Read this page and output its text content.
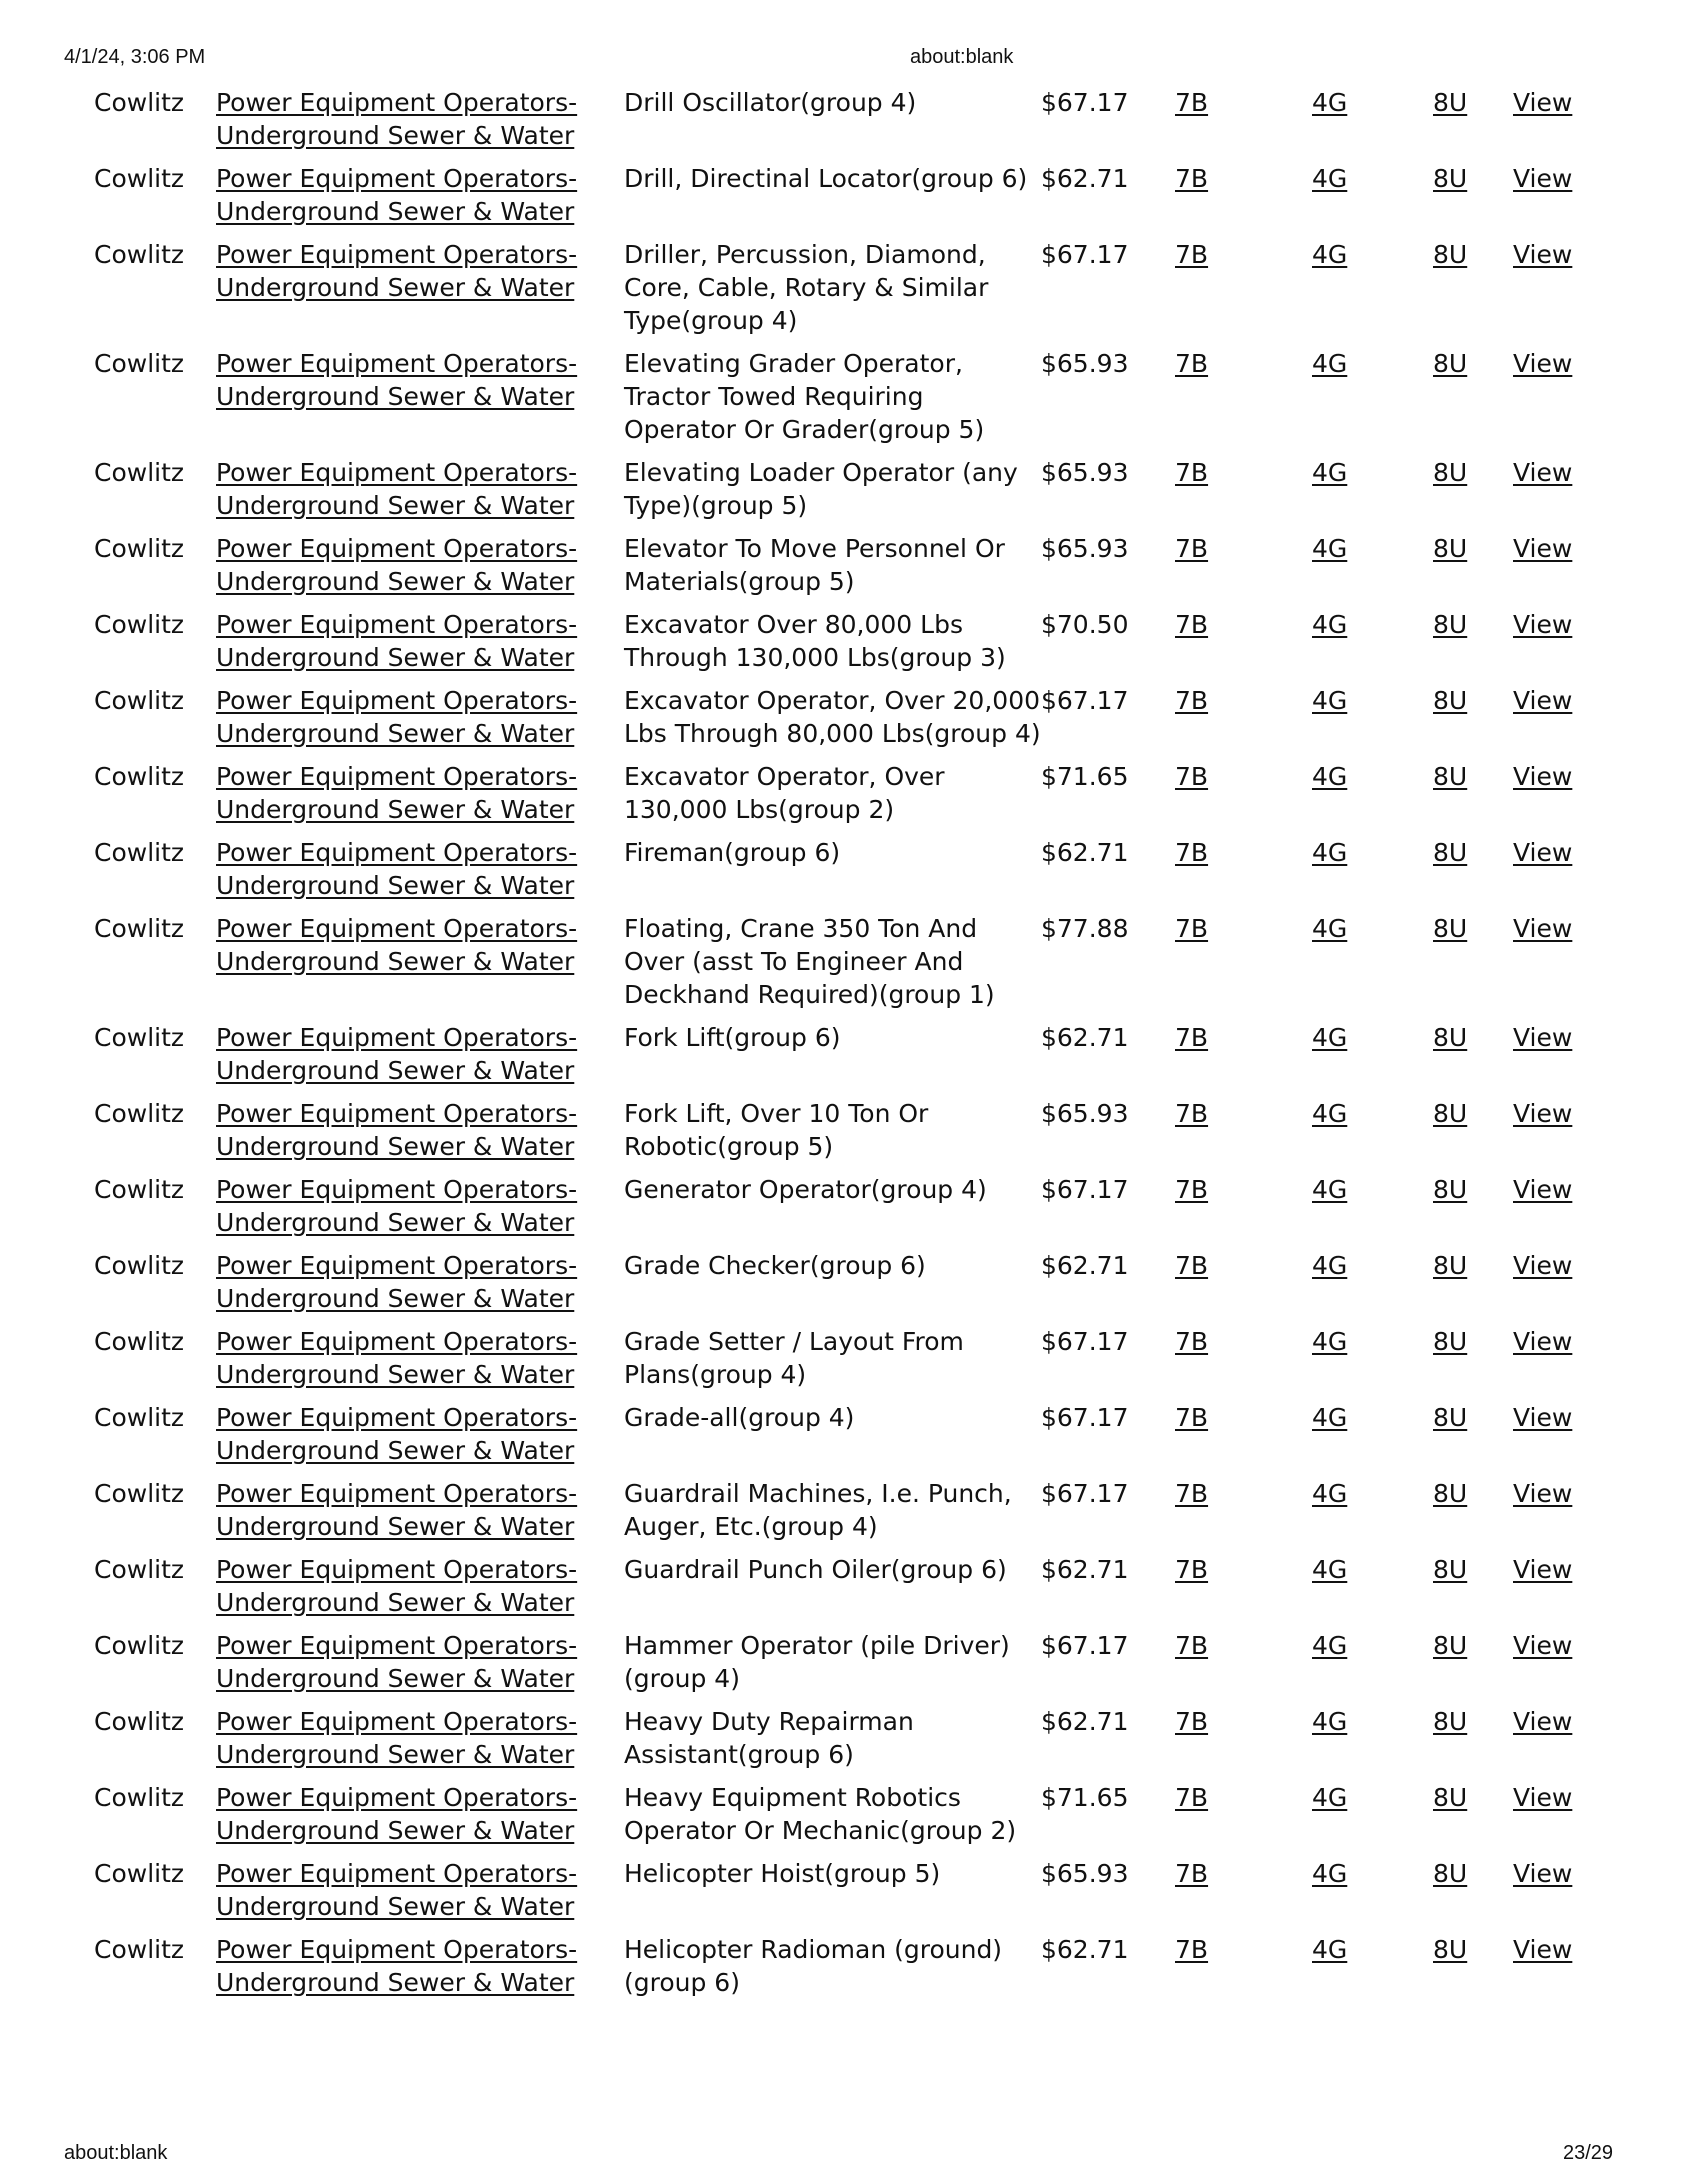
4/1/24, 3:06 PM	about:blank
Cowlitz	Power Equipment Operators-Underground Sewer & Water	Drill Oscillator(group 4)	$67.17	7B	4G	8U	View
Cowlitz	Power Equipment Operators-Underground Sewer & Water	Drill, Directinal Locator(group 6)	$62.71	7B	4G	8U	View
Cowlitz	Power Equipment Operators-Underground Sewer & Water	Driller, Percussion, Diamond, Core, Cable, Rotary & Similar Type(group 4)	$67.17	7B	4G	8U	View
Cowlitz	Power Equipment Operators-Underground Sewer & Water	Elevating Grader Operator, Tractor Towed Requiring Operator Or Grader(group 5)	$65.93	7B	4G	8U	View
Cowlitz	Power Equipment Operators-Underground Sewer & Water	Elevating Loader Operator (any Type)(group 5)	$65.93	7B	4G	8U	View
Cowlitz	Power Equipment Operators-Underground Sewer & Water	Elevator To Move Personnel Or Materials(group 5)	$65.93	7B	4G	8U	View
Cowlitz	Power Equipment Operators-Underground Sewer & Water	Excavator Over 80,000 Lbs Through 130,000 Lbs(group 3)	$70.50	7B	4G	8U	View
Cowlitz	Power Equipment Operators-Underground Sewer & Water	Excavator Operator, Over 20,000 Lbs Through 80,000 Lbs(group 4)	$67.17	7B	4G	8U	View
Cowlitz	Power Equipment Operators-Underground Sewer & Water	Excavator Operator, Over 130,000 Lbs(group 2)	$71.65	7B	4G	8U	View
Cowlitz	Power Equipment Operators-Underground Sewer & Water	Fireman(group 6)	$62.71	7B	4G	8U	View
Cowlitz	Power Equipment Operators-Underground Sewer & Water	Floating, Crane 350 Ton And Over (asst To Engineer And Deckhand Required)(group 1)	$77.88	7B	4G	8U	View
Cowlitz	Power Equipment Operators-Underground Sewer & Water	Fork Lift(group 6)	$62.71	7B	4G	8U	View
Cowlitz	Power Equipment Operators-Underground Sewer & Water	Fork Lift, Over 10 Ton Or Robotic(group 5)	$65.93	7B	4G	8U	View
Cowlitz	Power Equipment Operators-Underground Sewer & Water	Generator Operator(group 4)	$67.17	7B	4G	8U	View
Cowlitz	Power Equipment Operators-Underground Sewer & Water	Grade Checker(group 6)	$62.71	7B	4G	8U	View
Cowlitz	Power Equipment Operators-Underground Sewer & Water	Grade Setter / Layout From Plans(group 4)	$67.17	7B	4G	8U	View
Cowlitz	Power Equipment Operators-Underground Sewer & Water	Grade-all(group 4)	$67.17	7B	4G	8U	View
Cowlitz	Power Equipment Operators-Underground Sewer & Water	Guardrail Machines, I.e. Punch, Auger, Etc.(group 4)	$67.17	7B	4G	8U	View
Cowlitz	Power Equipment Operators-Underground Sewer & Water	Guardrail Punch Oiler(group 6)	$62.71	7B	4G	8U	View
Cowlitz	Power Equipment Operators-Underground Sewer & Water	Hammer Operator (pile Driver)(group 4)	$67.17	7B	4G	8U	View
Cowlitz	Power Equipment Operators-Underground Sewer & Water	Heavy Duty Repairman Assistant(group 6)	$62.71	7B	4G	8U	View
Cowlitz	Power Equipment Operators-Underground Sewer & Water	Heavy Equipment Robotics Operator Or Mechanic(group 2)	$71.65	7B	4G	8U	View
Cowlitz	Power Equipment Operators-Underground Sewer & Water	Helicopter Hoist(group 5)	$65.93	7B	4G	8U	View
Cowlitz	Power Equipment Operators-Underground Sewer & Water	Helicopter Radioman (ground)(group 6)	$62.71	7B	4G	8U	View
about:blank	23/29
